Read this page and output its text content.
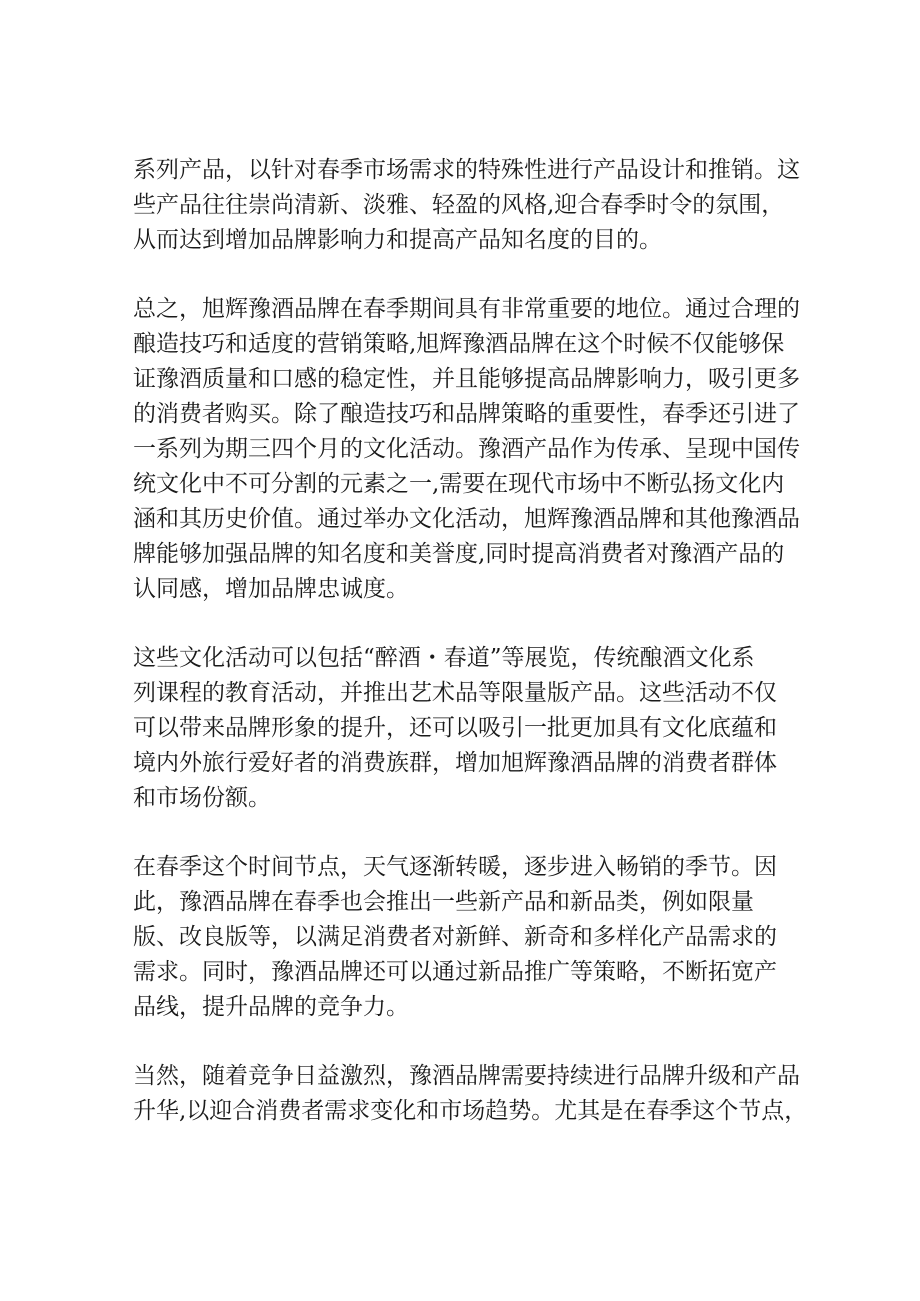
系列产品，以针对春季市场需求的特殊性进行产品设计和推销。这
些产品往往崇尚清新、淡雅、轻盈的风格,迎合春季时令的氛围，
从而达到增加品牌影响力和提高产品知名度的目的。

总之，旭辉豫酒品牌在春季期间具有非常重要的地位。通过合理的
酿造技巧和适度的营销策略,旭辉豫酒品牌在这个时候不仅能够保
证豫酒质量和口感的稳定性，并且能够提高品牌影响力，吸引更多
的消费者购买。除了酿造技巧和品牌策略的重要性，春季还引进了
一系列为期三四个月的文化活动。豫酒产品作为传承、呈现中国传
统文化中不可分割的元素之一,需要在现代市场中不断弘扬文化内
涵和其历史价值。通过举办文化活动，旭辉豫酒品牌和其他豫酒品
牌能够加强品牌的知名度和美誉度,同时提高消费者对豫酒产品的
认同感，增加品牌忠诚度。

这些文化活动可以包括“醉酒・春道”等展览，传统酿酒文化系
列课程的教育活动，并推出艺术品等限量版产品。这些活动不仅
可以带来品牌形象的提升，还可以吸引一批更加具有文化底蕴和
境内外旅行爱好者的消费族群，增加旭辉豫酒品牌的消费者群体
和市场份额。

在春季这个时间节点，天气逐渐转暖，逐步进入畅销的季节。因
此，豫酒品牌在春季也会推出一些新产品和新品类，例如限量
版、改良版等，以满足消费者对新鲜、新奇和多样化产品需求的
需求。同时，豫酒品牌还可以通过新品推广等策略，不断拓宽产
品线，提升品牌的竞争力。

当然，随着竞争日益激烈，豫酒品牌需要持续进行品牌升级和产品
升华,以迎合消费者需求变化和市场趋势。尤其是在春季这个节点，
